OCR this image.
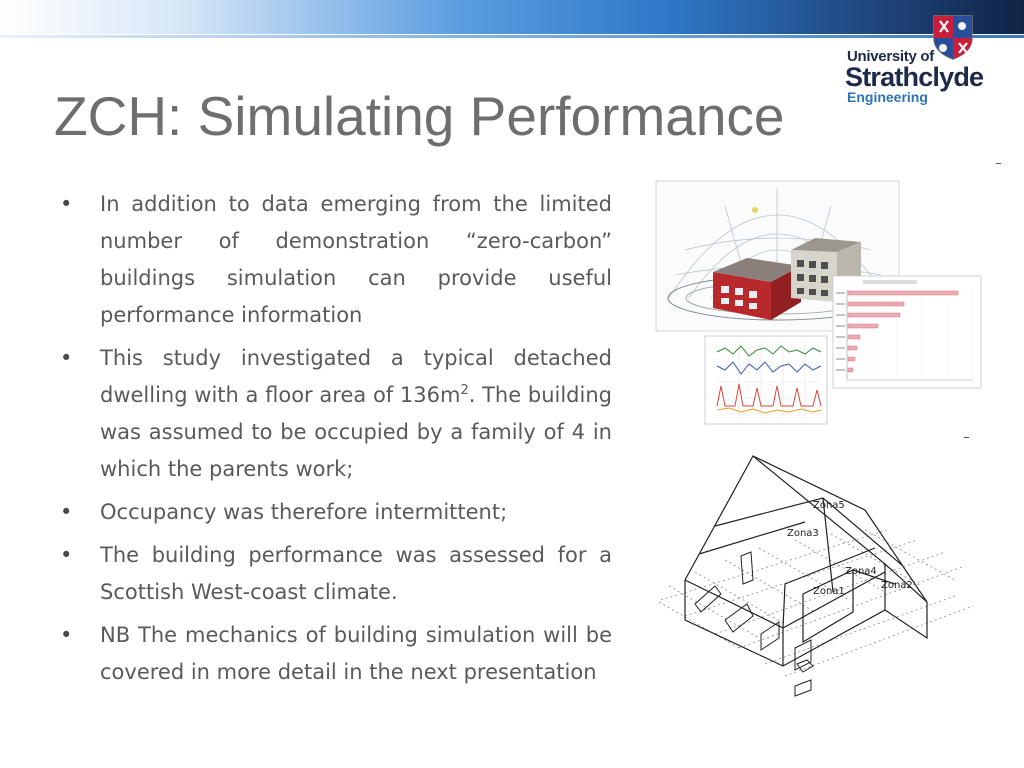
University of
Strathclyde
Engineering
ZCH: Simulating Performance
• In addition to data emerging from the limited number of demonstration “zero-carbon” buildings simulation can provide useful performance information
• This study investigated a typical detached dwelling with a floor area of $136m^2$. The building was assumed to be occupied by a family of 4 in which the parents work;
• Occupancy was therefore intermittent;
• The building performance was assessed for a Scottish West-coast climate.
• NB The mechanics of building simulation will be covered in more detail in the next presentation
Zona5
Zona3
Zona4
Zona2
Zona1
